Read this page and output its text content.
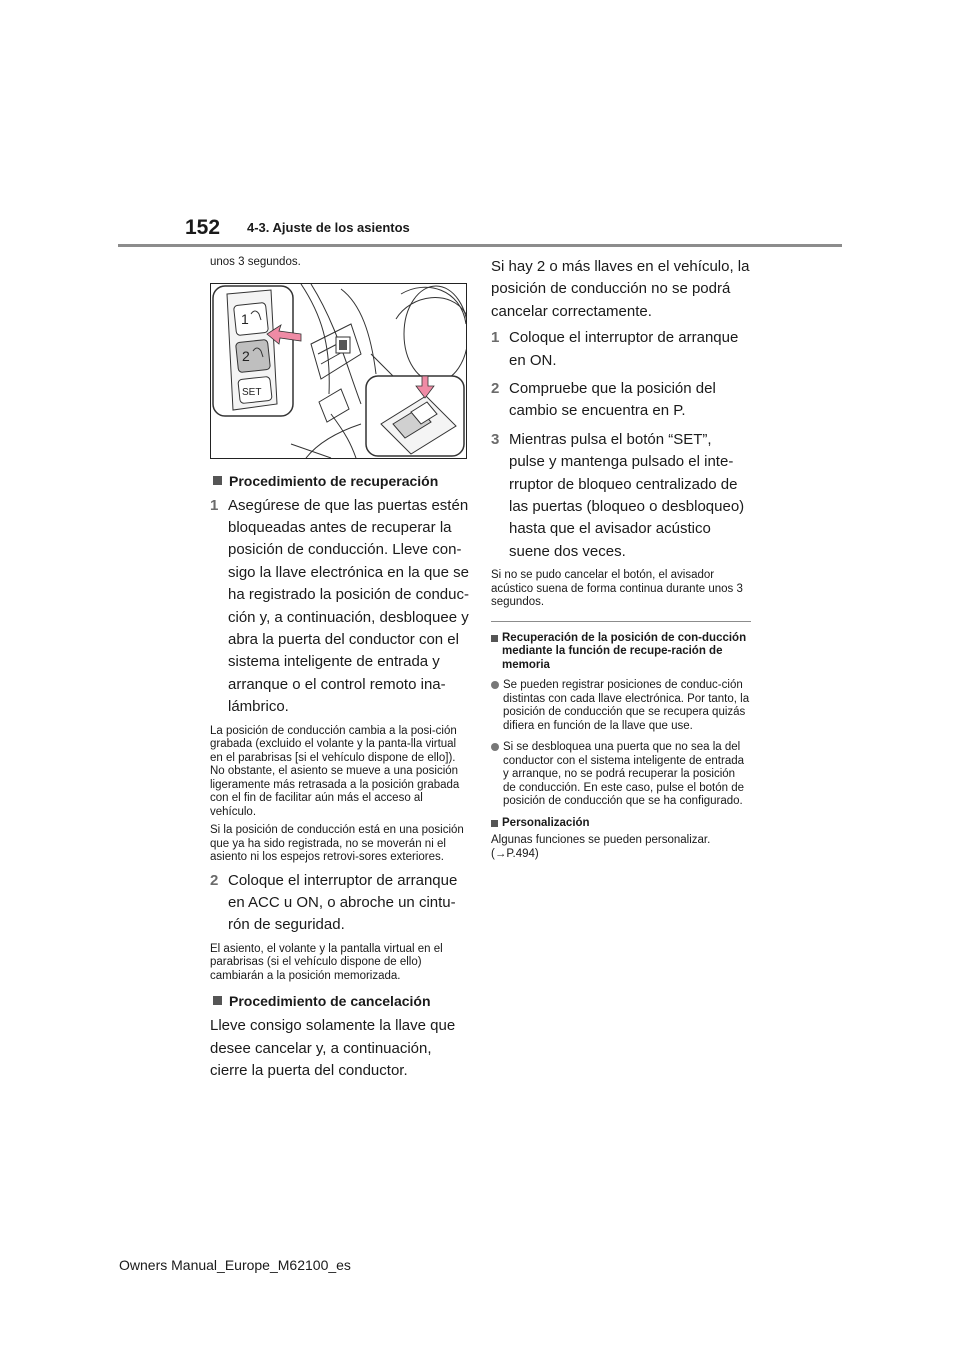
152 4-3. Ajuste de los asientos

unos 3 segundos.

1
2
SET
Procedimiento de recuperación
1 Asegúrese de que las puertas estén bloqueadas antes de recuperar la posición de conducción. Lleve con-sigo la llave electrónica en la que se ha registrado la posición de conduc-ción y, a continuación, desbloquee y abra la puerta del conductor con el sistema inteligente de entrada y arranque o el control remoto ina-lámbrico.

La posición de conducción cambia a la posi-ción grabada (excluido el volante y la panta-lla virtual en el parabrisas [si el vehículo dispone de ello]). No obstante, el asiento se mueve a una posición ligeramente más retrasada a la posición grabada con el fin de facilitar aún más el acceso al vehículo.

Si la posición de conducción está en una posición que ya ha sido registrada, no se moverán ni el asiento ni los espejos retrovi-sores exteriores.

2 Coloque el interruptor de arranque en ACC u ON, o abroche un cintu-rón de seguridad.

El asiento, el volante y la pantalla virtual en el parabrisas (si el vehículo dispone de ello) cambiarán a la posición memorizada.

Procedimiento de cancelación

Lleve consigo solamente la llave que desee cancelar y, a continuación, cierre la puerta del conductor.

Si hay 2 o más llaves en el vehículo, la posición de conducción no se podrá cancelar correctamente.

1 Coloque el interruptor de arranque en ON.
2 Compruebe que la posición del cambio se encuentra en P.
3 Mientras pulsa el botón “SET”, pulse y mantenga pulsado el inte-rruptor de bloqueo centralizado de las puertas (bloqueo o desbloqueo) hasta que el avisador acústico suene dos veces.

Si no se pudo cancelar el botón, el avisador acústico suena de forma continua durante unos 3 segundos.

Recuperación de la posición de con-ducción mediante la función de recupe-ración de memoria
Se pueden registrar posiciones de conduc-ción distintas con cada llave electrónica. Por tanto, la posición de conducción que se recupera quizás difiera en función de la llave que use.
Si se desbloquea una puerta que no sea la del conductor con el sistema inteligente de entrada y arranque, no se podrá recuperar la posición de conducción. En este caso, pulse el botón de posición de conducción que se ha configurado.
Personalización

Algunas funciones se pueden personalizar.

(→P.494)

Owners Manual_Europe_M62100_es
